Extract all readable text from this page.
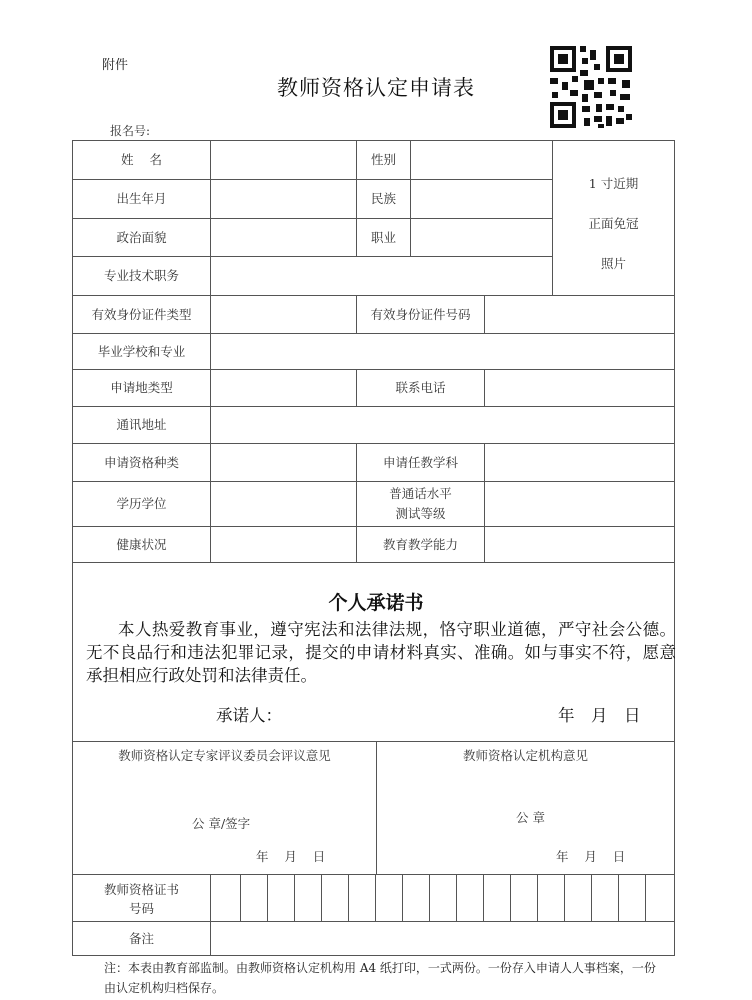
附件
教师资格认定申请表
报名号:
姓    名	性别
出生年月	民族
政治面貌	职业
专业技术职务
有效身份证件类型	有效身份证件号码
毕业学校和专业
申请地类型	联系电话
通讯地址
申请资格种类	申请任教学科
学历学位
普通话水平
测试等级
健康状况	教育教学能力
1 寸近期
正面免冠
照片
个人承诺书
本人热爱教育事业，遵守宪法和法律法规，恪守职业道德，严守社会公德。无不良品行和违法犯罪记录，提交的申请材料真实、准确。如与事实不符，愿意承担相应行政处罚和法律责任。
承诺人：	年  月  日
教师资格认定专家评议委员会评议意见
公 章/签字
年    月    日
教师资格认定机构意见
公 章
年    月    日
教师资格证书
号码
备注
注：本表由教育部监制。由教师资格认定机构用 A4 纸打印，一式两份。一份存入申请人人事档案，一份由认定机构归档保存。
